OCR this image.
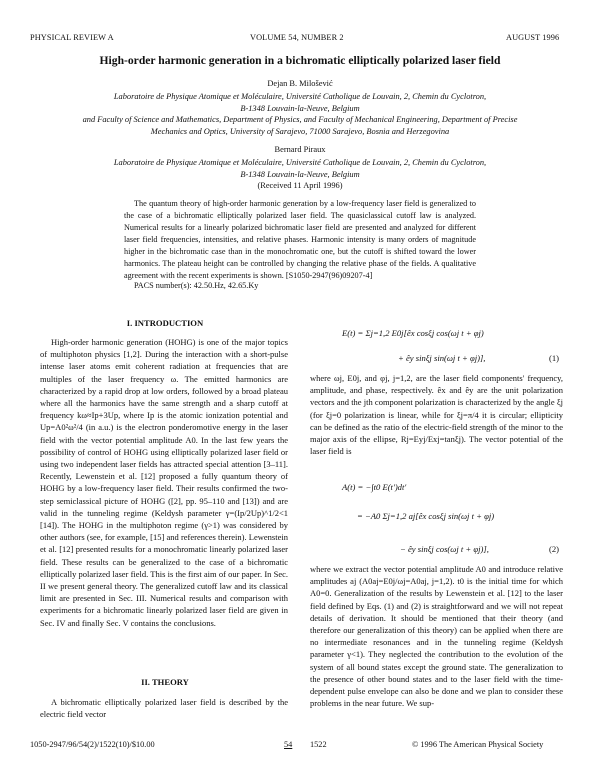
PHYSICAL REVIEW A	VOLUME 54, NUMBER 2	AUGUST 1996
High-order harmonic generation in a bichromatic elliptically polarized laser field
Dejan B. Milošević
Laboratoire de Physique Atomique et Moléculaire, Université Catholique de Louvain, 2, Chemin du Cyclotron,
B-1348 Louvain-la-Neuve, Belgium
and Faculty of Science and Mathematics, Department of Physics, and Faculty of Mechanical Engineering, Department of Precise
Mechanics and Optics, University of Sarajevo, 71000 Sarajevo, Bosnia and Herzegovina
Bernard Piraux
Laboratoire de Physique Atomique et Moléculaire, Université Catholique de Louvain, 2, Chemin du Cyclotron,
B-1348 Louvain-la-Neuve, Belgium
(Received 11 April 1996)
The quantum theory of high-order harmonic generation by a low-frequency laser field is generalized to the case of a bichromatic elliptically polarized laser field. The quasiclassical cutoff law is analyzed. Numerical results for a linearly polarized bichromatic laser field are presented and analyzed for different laser field frequencies, intensities, and relative phases. Harmonic intensity is many orders of magnitude higher in the bichromatic case than in the monochromatic one, but the cutoff is shifted toward the lower harmonics. The plateau height can be controlled by changing the relative phase of the fields. A qualitative agreement with the recent experiments is shown. [S1050-2947(96)09207-4]
PACS number(s): 42.50.Hz, 42.65.Ky
I. INTRODUCTION

High-order harmonic generation (HOHG) is one of the major topics of multiphoton physics [1,2]. During the interaction with a short-pulse intense laser atoms emit coherent radiation at frequencies that are multiples of the laser frequency ω. The emitted harmonics are characterized by a rapid drop at low orders, followed by a broad plateau where all the harmonics have the same strength and a sharp cutoff at frequency kω≈Ip+3Up, where Ip is the atomic ionization potential and Up=A0²ω²/4 (in a.u.) is the electron ponderomotive energy in the laser field with the vector potential amplitude A0. In the last few years the possibility of control of HOHG using elliptically polarized laser field or using two independent laser fields has attracted special attention [3–11]. Recently, Lewenstein et al. [12] proposed a fully quantum theory of HOHG by a low-frequency laser field. Their results confirmed the two-step semiclassical picture of HOHG ([2], pp. 95–110 and [13]) and are valid in the tunneling regime (Keldysh parameter γ=(Ip/2Up)^1/2<1 [14]). The HOHG in the multiphoton regime (γ>1) was considered by other authors (see, for example, [15] and references therein). Lewenstein et al. [12] presented results for a monochromatic linearly polarized laser field. These results can be generalized to the case of a bichromatic elliptically polarized laser field. This is the first aim of our paper. In Sec. II we present general theory. The generalized cutoff law and its classical limit are presented in Sec. III. Numerical results and comparison with experiments for a bichromatic linearly polarized laser field are given in Sec. IV and finally Sec. V contains the conclusions.

II. THEORY

A bichromatic elliptically polarized laser field is described by the electric field vector

E(t) = Σj=1,2 E0j[êx cosξj cos(ωj t + φj)
+ êy sinξj sin(ωj t + φj)],	(1)

where ωj, E0j, and φj, j=1,2, are the laser field components' frequency, amplitude, and phase, respectively. êx and êy are the unit polarization vectors and the jth component polarization is characterized by the angle ξj (for ξj=0 polarization is linear, while for ξj=π/4 it is circular; ellipticity can be defined as the ratio of the electric-field strength of the minor to the major axis of the ellipse, Rj=Eyj/Exj=tanξj). The vector potential of the laser field is

A(t) = −∫t0 E(t′)dt′
= −A0 Σj=1,2 aj[êx cosξj sin(ωj t + φj)
− êy sinξj cos(ωj t + φj)],	(2)

where we extract the vector potential amplitude A0 and introduce relative amplitudes aj (A0aj=E0j/ωj=A0aj, j=1,2). t0 is the initial time for which A0=0. Generalization of the results by Lewenstein et al. [12] to the laser field defined by Eqs. (1) and (2) is straightforward and we will not repeat details of derivation. It should be mentioned that their theory (and therefore our generalization of this theory) can be applied when there are no intermediate resonances and in the tunneling regime (Keldysh parameter γ<1). They neglected the contribution to the evolution of the system of all bound states except the ground state. The generalization to the presence of other bound states and to the laser field with the time-dependent pulse envelope can also be done and we plan to consider these problems in the near future. We sup-

1050-2947/96/54(2)/1522(10)/$10.00	54 1522	© 1996 The American Physical Society
